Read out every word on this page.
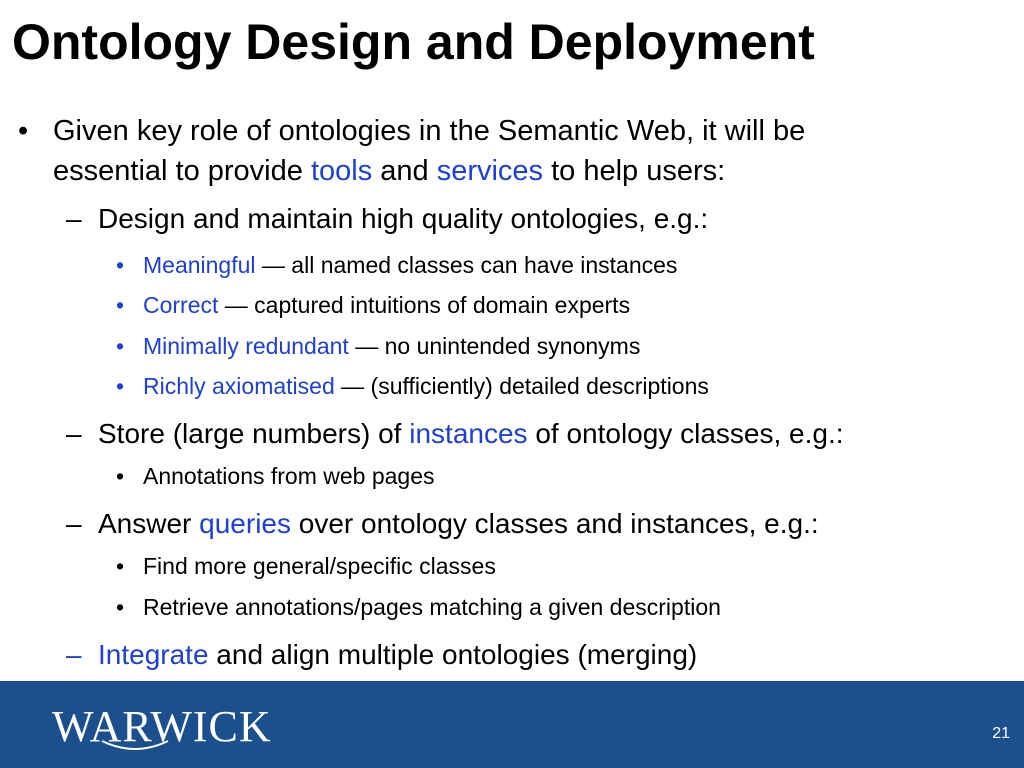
Ontology Design and Deployment
• Given key role of ontologies in the Semantic Web, it will be
essential to provide tools and services to help users:
– Design and maintain high quality ontologies, e.g.:
• Meaningful — all named classes can have instances
• Correct — captured intuitions of domain experts
• Minimally redundant — no unintended synonyms
• Richly axiomatised — (sufficiently) detailed descriptions
– Store (large numbers) of instances of ontology classes, e.g.:
• Annotations from web pages
– Answer queries over ontology classes and instances, e.g.:
• Find more general/specific classes
• Retrieve annotations/pages matching a given description
– Integrate and align multiple ontologies (merging)
WARWICK	21
